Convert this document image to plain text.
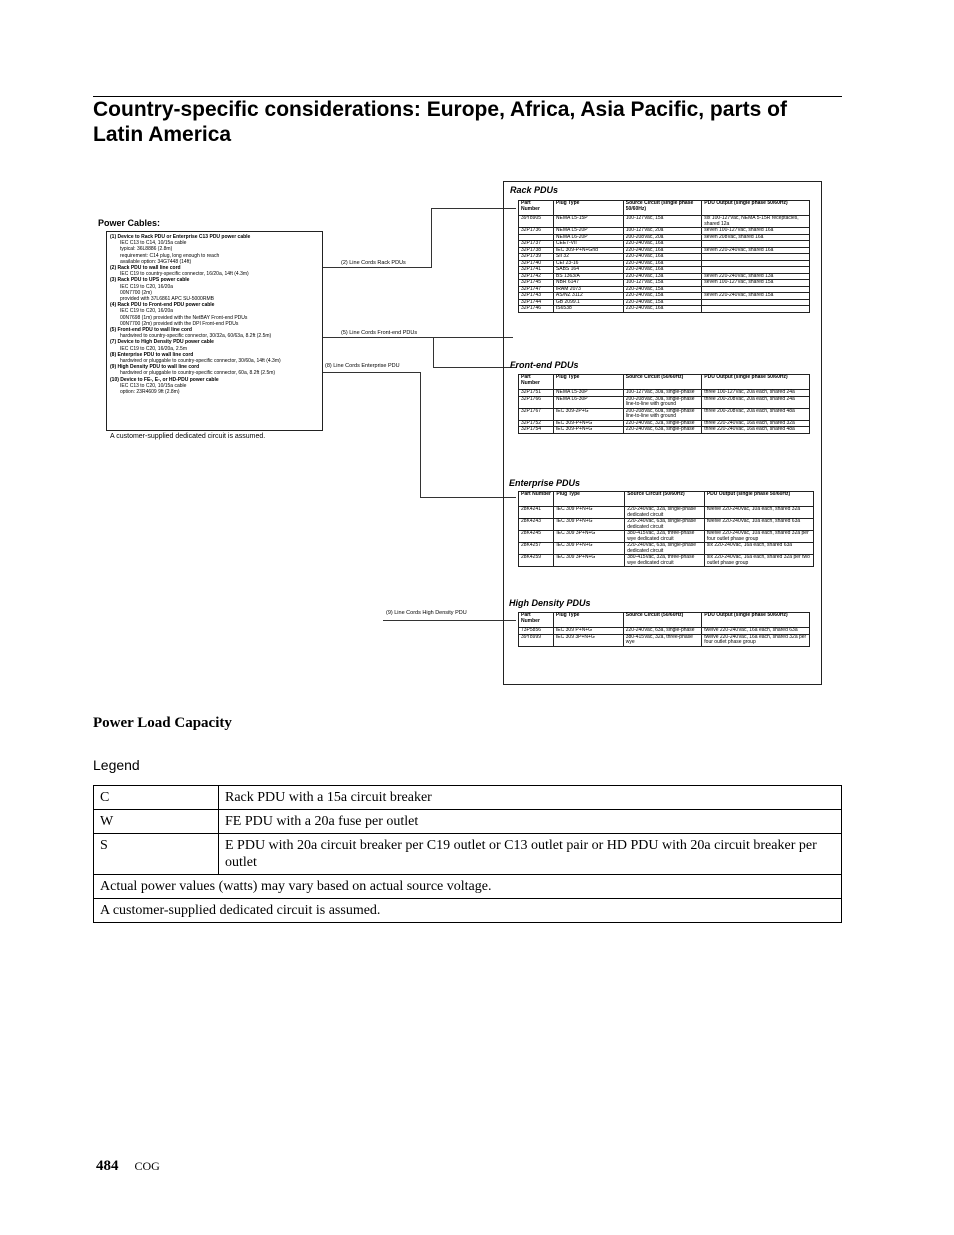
Country-specific considerations: Europe, Africa, Asia Pacific, parts of Latin America
Power Cables:
(1) Device to Rack PDU or Enterprise C13 PDU power cable
IEC C13 to C14, 10/15a cable
typical: 36L8886 (2.8m)
requirement: C14 plug, long enough to reach
available option: 34G7448 (14ft)
(2) Rack PDU to wall line cord
IEC C19 to country-specific connector, 16/20a, 14ft (4.3m)
(3) Rack PDU to UPS power cable
IEC C19 to C20, 16/20a
00N7700 (2m)
provided with 37L6861 APC SU-5000RMB
(4) Rack PDU to Front-end PDU power cable
IEC C19 to C20, 16/20a
00N7698 (1m) provided with the NetBAY Front-end PDUs
00N7700 (2m) provided with the DPI Front-end PDUs
(5) Front-end PDU to wall line cord
hardwired to country-specific connector, 30/32a, 60/63a, 8.2ft (2.5m)
(7) Device to High Density PDU power cable
IEC C19 to C20, 16/20a, 2.5m
(8) Enterprise PDU to wall line cord
hardwired or pluggable to country-specific connector, 30/60a, 14ft (4.3m)
(9) High Density PDU to wall line cord
hardwired or pluggable to country-specific connector, 60a, 8.2ft (2.5m)
(10) Device to FE-, E-, or HD-PDU power cable
IEC C13 to C20, 10/15a cable
option: 23R4609 9ft (2.8m)
A customer-supplied dedicated circuit is assumed.
(2) Line Cords Rack PDUs
(5) Line Cords Front-end PDUs
(8) Line Cords Enterprise PDU
(9) Line Cords High Density PDU
Rack PDUs
Part Number	Plug Type	Source Circuit (single phase 50/60Hz)	PDU Output (single phase 50/60Hz)
39Y8905	NEMA L5-15P	100-127Vac, 15a	six 100-127Vac, NEMA 5-15R receptacles, shared 12a
32P1736	NEMA L5-20P	100-127Vac, 20a	seven 100-127Vac, shared 16a
	NEMA L6-20P	200-208Vac, 20a	seven 208Vac, shared 16a
32P1737	CEE7-VII	220-240Vac, 16a	
32P1738	IEC 309-P+N+Gnd	220-240Vac, 16a	seven 220-240Vac, shared 16a
32P1739	SII 32	220-240Vac, 16a	
32P1740	CEI 23-16	220-240Vac, 16a	
32P1741	SABS 164	220-240Vac, 16a	
32P1742	BS 1363/A	220-240Vac, 13a	seven 220-240Vac, shared 13a
32P1745	NBR 6147	100-127Vac, 15a	seven 100-127Vac, shared 15a
32P1747	IRAM 2073	220-240Vac, 15a	
32P1743	AS/NZ 3112	220-240Vac, 15a	seven 220-240Vac, shared 15a
32P1744	GB 2099.1	220-240Vac, 15a	
32P1746	IS6538	220-240Vac, 16a	
Front-end PDUs
Part Number	Plug Type	Source Circuit (50/60Hz)	PDU Output (single phase 50/60Hz)
32P1751	NEMA L5-30P	100-127Vac, 30a, single-phase	three 100-127Vac, 20a each, shared 24a
32P1766	NEMA L6-30P	200-208Vac, 30a, single-phase line-to-line with ground	three 200-208Vac, 20a each, shared 24a
32P1767	IEC 309-2P+G	200-208Vac, 60a, single-phase line-to-line with ground	three 200-208Vac, 20a each, shared 48a
32P1752	IEC 309-P+N+G	220-240Vac, 32a, single-phase	three 220-240Vac, 16a each, shared 32a
32P1754	IEC 309-P+N+G	220-240Vac, 63a, single-phase	three 220-240Vac, 16a each, shared 48a
Enterprise PDUs
Part Number	Plug Type	Source Circuit (50/60Hz)	PDU Output (single phase 50/60Hz)
28K4241	IEC 309 P+N+G	220-240Vac, 32a, single-phase dedicated circuit	twelve 220-240Vac, 10a each, shared 32a
28K4243	IEC 309 P+N+G	220-240Vac, 63a, single-phase dedicated circuit	twelve 220-240Vac, 10a each, shared 63a
28K4245	IEC 309 3P+N+G	380-415Vac, 32a, three-phase wye dedicated circuit	twelve 220-240Vac, 10a each, shared 32a per four outlet phase group
28K4257	IEC 309 P+N+G	220-240Vac, 63a, single-phase dedicated circuit	six 220-240Vac, 16a each, shared 63a
28K4259	IEC 309 3P+N+G	380-415Vac, 32a, three-phase wye dedicated circuit	six 220-240Vac, 16a each, shared 32a per two outlet phase group
High Density PDUs
Part Number	Plug Type	Source Circuit (50/60Hz)	PDU Output (single phase 50/60Hz)
73P5856	IEC 309 P+N+G	220-240Vac, 63a, single-phase	twelve 220-240Vac, 16a each, shared 63a
39Y8999	IEC 309 3P+N+G	380-415Vac, 32a, three-phase wye	twelve 220-240Vac, 16a each, shared 32a per four outlet phase group
Power Load Capacity
Legend
C	Rack PDU with a 15a circuit breaker
W	FE PDU with a 20a fuse per outlet
S	E PDU with 20a circuit breaker per C19 outlet or C13 outlet pair or HD PDU with 20a circuit breaker per outlet
Actual power values (watts) may vary based on actual source voltage.	
A customer-supplied dedicated circuit is assumed.	
484 COG
